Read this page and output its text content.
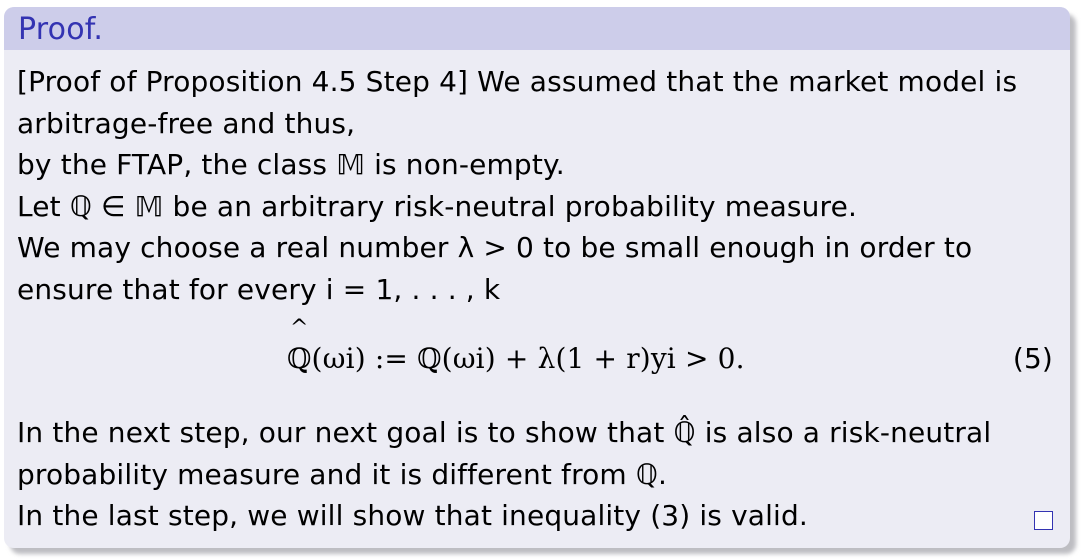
Proof.
[Proof of Proposition 4.5 Step 4] We assumed that the market model is
arbitrage-free and thus,
by the FTAP, the class 𝕄 is non-empty.
Let ℚ ∈ 𝕄 be an arbitrary risk-neutral probability measure.
We may choose a real number λ > 0 to be small enough in order to
ensure that for every i = 1, . . . , k
^
ℚ(ωi) := ℚ(ωi) + λ(1 + r)yi > 0.	(5)
In the next step, our next goal is to show that ℚ̂ is also a risk-neutral
probability measure and it is different from ℚ.
In the last step, we will show that inequality (3) is valid.
